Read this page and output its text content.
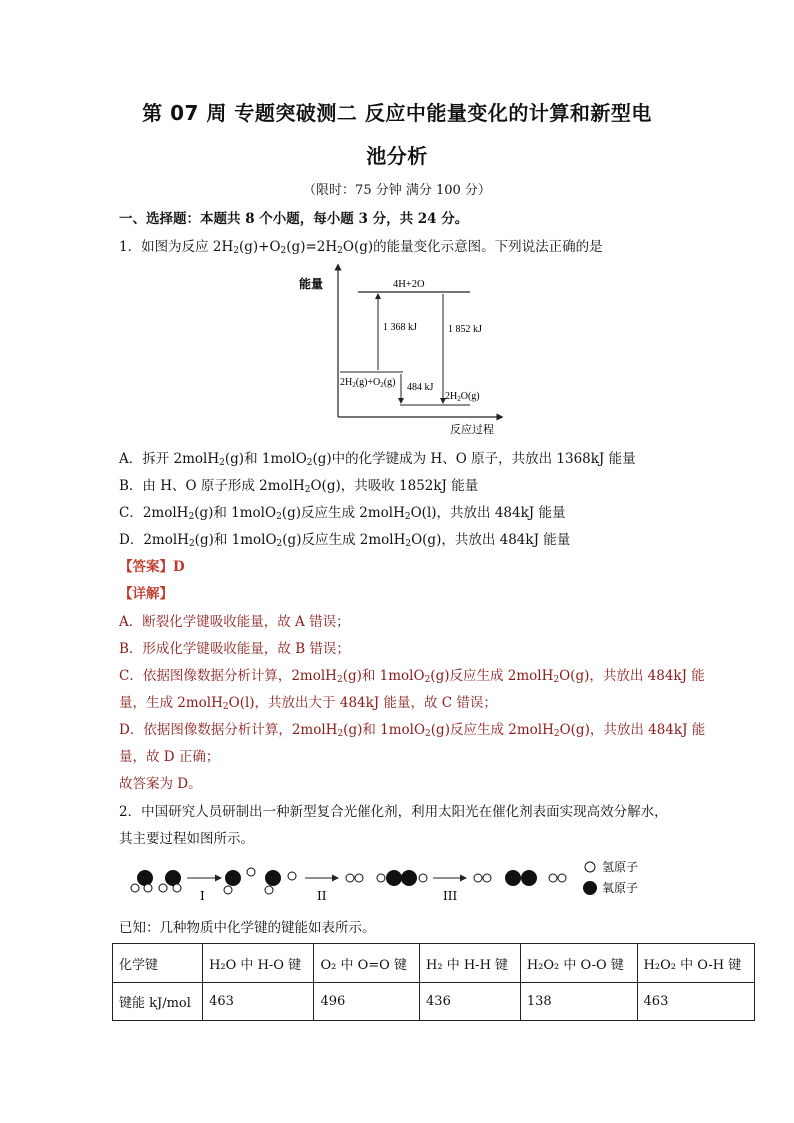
第 07 周 专题突破测二 反应中能量变化的计算和新型电
池分析
（限时：75 分钟 满分 100 分）
一、选择题：本题共 8 个小题，每小题 3 分，共 24 分。
1．如图为反应 $2H_2(g)+O_2(g)=2H_2O(g)$的能量变化示意图。下列说法正确的是
能量
反应过程
4H+2O
$2H_2(g)+O_2(g)$
$2H_2O(g)$
1 368 kJ	1 852 kJ
484 kJ
A．拆开 2molH$_2$(g)和 1molO$_2$(g)中的化学键成为 H、O 原子，共放出 1368kJ 能量
B．由 H、O 原子形成 2molH$_2$O(g)，共吸收 1852kJ 能量
C．2molH$_2$(g)和 1molO$_2$(g)反应生成 2molH$_2$O(l)，共放出 484kJ 能量
D．2molH$_2$(g)和 1molO$_2$(g)反应生成 2molH$_2$O(g)，共放出 484kJ 能量
【答案】D
【详解】
A．断裂化学键吸收能量，故 A 错误；
B．形成化学键吸收能量，故 B 错误；
C．依据图像数据分析计算，2molH$_2$(g)和 1molO$_2$(g)反应生成 2molH$_2$O(g)，共放出 484kJ 能
量，生成 2molH$_2$O(l)，共放出大于 484kJ 能量，故 C 错误；
D．依据图像数据分析计算，2molH$_2$(g)和 1molO$_2$(g)反应生成 2molH$_2$O(g)，共放出 484kJ 能
量，故 D 正确；
故答案为 D。
2．中国研究人员研制出一种新型复合光催化剂，利用太阳光在催化剂表面实现高效分解水，
其主要过程如图所示。
I	II	III
氢原子
氧原子
已知：几种物质中化学键的键能如表所示。
化学键	H₂O 中 H-O 键	O₂ 中 O=O 键	H₂ 中 H-H 键	H₂O₂ 中 O-O 键	H₂O₂ 中 O-H 键
键能 kJ/mol	463	496	436	138	463
